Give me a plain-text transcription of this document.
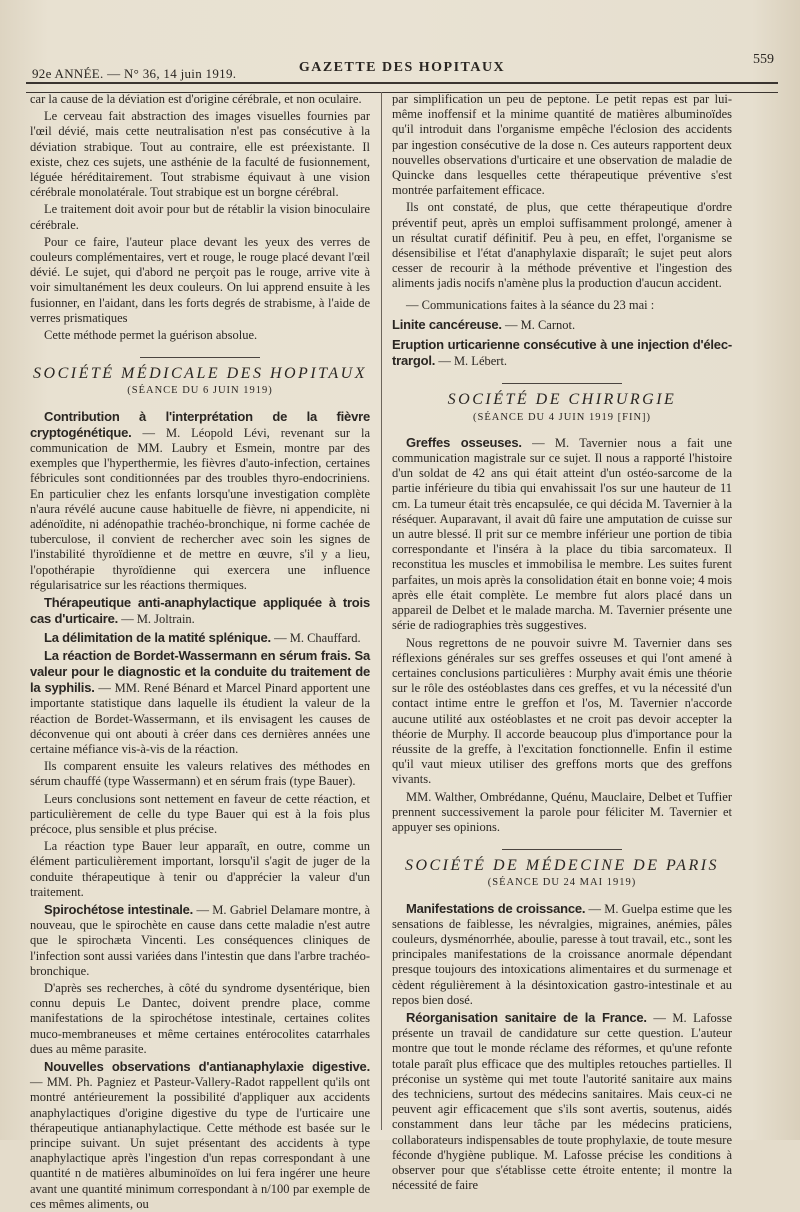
92e ANNÉE. — N° 36, 14 juin 1919.	GAZETTE DES HOPITAUX
559

car la cause de la déviation est d'origine cérébrale, et non oculaire.

Le cerveau fait abstraction des images visuelles fournies par l'œil dévié, mais cette neutralisation n'est pas consécutive à la déviation strabique. Tout au contraire, elle est préexistante. Il existe, chez ces sujets, une asthénie de la faculté de fusionnement, léguée héréditairement. Tout strabisme équivaut à une vision cérébrale monolatérale. Tout strabique est un borgne cérébral.

Le traitement doit avoir pour but de rétablir la vision binoculaire cérébrale.

Pour ce faire, l'auteur place devant les yeux des verres de couleurs complémentaires, vert et rouge, le rouge placé devant l'œil dévié. Le sujet, qui d'abord ne perçoit pas le rouge, arrive vite à voir simultanément les deux couleurs. On lui apprend ensuite à les fusionner, en l'aidant, dans les forts degrés de strabisme, à l'aide de verres prismatiques

Cette méthode permet la guérison absolue.

SOCIÉTÉ MÉDICALE DES HOPITAUX
(SÉANCE DU 6 JUIN 1919)

Contribution à l'interprétation de la fièvre cryptogénétique. — M. Léopold Lévi, revenant sur la communication de MM. Laubry et Esmein, montre par des exemples que l'hyperthermie, les fièvres d'auto-infection, certaines fébricules sont conditionnées par des troubles thyro-endocriniens. En particulier chez les enfants lorsqu'une investigation complète n'aura révélé aucune cause habituelle de fièvre, ni appendicite, ni adénoïdite, ni adénopathie trachéo-bronchique, ni forme cachée de tuberculose, il convient de rechercher avec soin les signes de l'instabilité thyroïdienne et de mettre en œuvre, s'il y a lieu, l'opothérapie thyroïdienne qui exercera une influence régularisatrice sur les réactions thermiques.

Thérapeutique anti-anaphylactique appliquée à trois cas d'urticaire. — M. Joltrain.

La délimitation de la matité splénique. — M. Chauffard.

La réaction de Bordet-Wassermann en sérum frais. Sa valeur pour le diagnostic et la conduite du traitement de la syphilis. — MM. René Bénard et Marcel Pinard apportent une importante statistique dans laquelle ils étudient la valeur de la réaction de Bordet-Wassermann, et ils envisagent les causes de déconvenue qui ont abouti à créer dans ces dernières années une certaine méfiance vis-à-vis de la réaction.

Ils comparent ensuite les valeurs relatives des méthodes en sérum chauffé (type Wassermann) et en sérum frais (type Bauer).

Leurs conclusions sont nettement en faveur de cette réaction, et particulièrement de celle du type Bauer qui est à la fois plus précoce, plus sensible et plus précise.

La réaction type Bauer leur apparaît, en outre, comme un élément particulièrement important, lorsqu'il s'agit de juger de la conduite thérapeutique à tenir ou d'apprécier la valeur d'un traitement.

Spirochétose intestinale. — M. Gabriel Delamare montre, à nouveau, que le spirochète en cause dans cette maladie n'est autre que le spirochæta Vincenti. Les conséquences cliniques de l'infection sont aussi variées dans l'intestin que dans l'arbre trachéo-bronchique.

D'après ses recherches, à côté du syndrome dysentérique, bien connu depuis Le Dantec, doivent prendre place, comme manifestations de la spirochétose intestinale, certaines colites muco-membraneuses et même certaines entérocolites catarrhales dues au même parasite.

Nouvelles observations d'antianaphylaxie digestive. — MM. Ph. Pagniez et Pasteur-Vallery-Radot rappellent qu'ils ont montré antérieurement la possibilité d'appliquer aux accidents anaphylactiques d'origine digestive du type de l'urticaire une thérapeutique antianaphylactique. Cette méthode est basée sur le principe suivant. Un sujet présentant des accidents à type anaphylactique après l'ingestion d'un repas correspondant à une quantité n de matières albuminoïdes on lui fera ingérer une heure avant une quantité minimum correspondant à n/100 par exemple de ces mêmes aliments, ou

par simplification un peu de peptone. Le petit repas est par lui-même inoffensif et la minime quantité de matières albuminoïdes qu'il introduit dans l'organisme empêche l'éclosion des accidents par ingestion consécutive de la dose n. Ces auteurs rapportent deux nouvelles observations d'urticaire et une observation de maladie de Quincke dans lesquelles cette thérapeutique préventive s'est montrée parfaitement efficace.

Ils ont constaté, de plus, que cette thérapeutique d'ordre préventif peut, après un emploi suffisamment prolongé, amener à un résultat curatif définitif. Peu à peu, en effet, l'organisme se désensibilise et l'état d'anaphylaxie disparaît; le sujet peut alors cesser de recourir à la méthode préventive et l'ingestion des aliments jadis nocifs n'amène plus la production d'aucun accident.

— Communications faites à la séance du 23 mai :

Linite cancéreuse. — M. Carnot.

Eruption urticarienne consécutive à une injection d'élec-trargol. — M. Lébert.

SOCIÉTÉ DE CHIRURGIE
(SÉANCE DU 4 JUIN 1919 [FIN])

Greffes osseuses. — M. Tavernier nous a fait une communication magistrale sur ce sujet. Il nous a rapporté l'histoire d'un soldat de 42 ans qui était atteint d'un ostéo-sarcome de la partie inférieure du tibia qui envahissait l'os sur une hauteur de 11 cm. La tumeur était très encapsulée, ce qui décida M. Tavernier à la réséquer. Auparavant, il avait dû faire une amputation de cuisse sur un autre blessé. Il prit sur ce membre inférieur une portion de tibia correspondante et l'insérа à la place du tibia sarcomateux. Il reconstitua les muscles et immobilisa le membre. Les suites furent parfaites, un mois après la consolidation était en bonne voie; 4 mois après elle était complète. Le membre fut alors placé dans un appareil de Delbet et le malade marcha. M. Tavernier présente une série de radiographies très suggestives.

Nous regrettons de ne pouvoir suivre M. Tavernier dans ses réflexions générales sur ses greffes osseuses et qui l'ont amené à certaines conclusions particulières : Murphy avait émis une théorie sur le rôle des ostéoblastes dans ces greffes, et vu la nécessité d'un contact intime entre le greffon et l'os, M. Tavernier n'accorde aucune utilité aux ostéoblastes et ne croit pas devoir accepter la théorie de Murphy. Il accorde beaucoup plus d'importance pour la réussite de la greffe, à l'excitation fonctionnelle. Enfin il estime qu'il vaut mieux utiliser des greffons morts que des greffons vivants.

MM. Walther, Ombrédanne, Quénu, Mauclaire, Delbet et Tuffier prennent successivement la parole pour féliciter M. Tavernier et appuyer ses opinions.

SOCIÉTÉ DE MÉDECINE DE PARIS
(SÉANCE DU 24 MAI 1919)

Manifestations de croissance. — M. Guelpa estime que les sensations de faiblesse, les névralgies, migraines, anémies, pâles couleurs, dysménorrhée, aboulie, paresse à tout travail, etc., sont les principales manifestations de la croissance anormale dépendant presque toujours des intoxications alimentaires et du surmenage et cèdent régulièrement à la désintoxication gastro-intestinale et au repos bien dosé.

Réorganisation sanitaire de la France. — M. Lafosse présente un travail de candidature sur cette question. L'auteur montre que tout le monde réclame des réformes, et qu'une refonte totale paraît plus efficace que des multiples retouches partielles. Il préconise un système qui met toute l'autorité sanitaire aux mains des techniciens, surtout des médecins sanitaires. Mais ceux-ci ne peuvent agir efficacement que s'ils sont avertis, soutenus, aidés constamment dans leur tâche par les médecins praticiens, collaborateurs indispensables de toute prophylaxie, de toute mesure féconde d'hygiène publique. M. Lafosse précise les conditions à observer pour que s'établisse cette étroite entente; il montre la nécessité de faire
